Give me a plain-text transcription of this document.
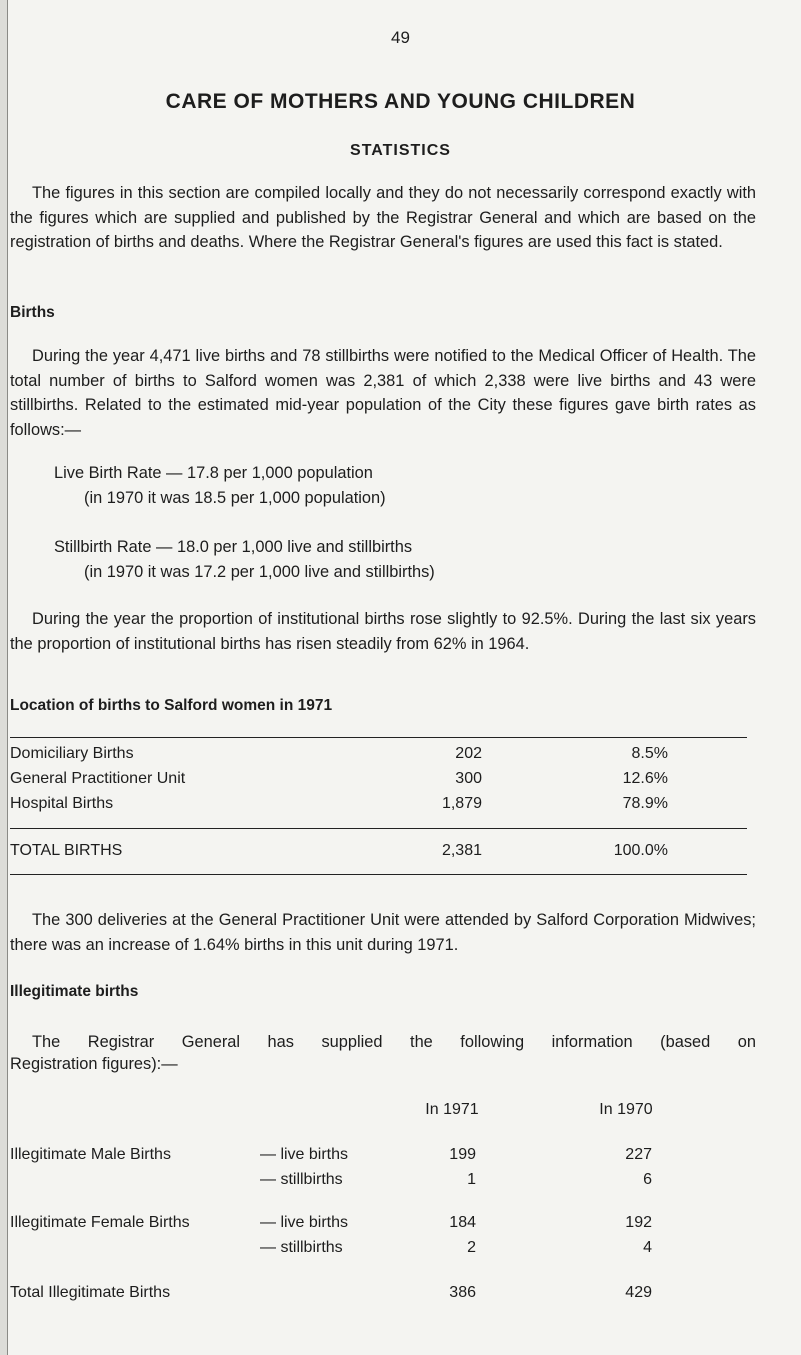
49
CARE OF MOTHERS AND YOUNG CHILDREN
STATISTICS

The figures in this section are compiled locally and they do not necessarily correspond exactly with the figures which are supplied and published by the Registrar General and which are based on the registration of births and deaths. Where the Registrar General's figures are used this fact is stated.

Births

During the year 4,471 live births and 78 stillbirths were notified to the Medical Officer of Health. The total number of births to Salford women was 2,381 of which 2,338 were live births and 43 were stillbirths. Related to the estimated mid-year population of the City these figures gave birth rates as follows:—

Live Birth Rate — 17.8 per 1,000 population
(in 1970 it was 18.5 per 1,000 population)
Stillbirth Rate — 18.0 per 1,000 live and stillbirths
(in 1970 it was 17.2 per 1,000 live and stillbirths)

During the year the proportion of institutional births rose slightly to 92.5%. During the last six years the proportion of institutional births has risen steadily from 62% in 1964.

Location of births to Salford women in 1971
Domiciliary Births	202	8.5%
General Practitioner Unit	300	12.6%
Hospital Births	1,879	78.9%
TOTAL BIRTHS	2,381	100.0%

The 300 deliveries at the General Practitioner Unit were attended by Salford Corporation Midwives; there was an increase of 1.64% births in this unit during 1971.

Illegitimate births
The Registrar General has supplied the following information (based on
Registration figures):—
In 1971	In 1970
Illegitimate Male Births	— live births	199	227
— stillbirths	1	6
Illegitimate Female Births	— live births	184	192
— stillbirths	2	4
Total Illegitimate Births	386	429
